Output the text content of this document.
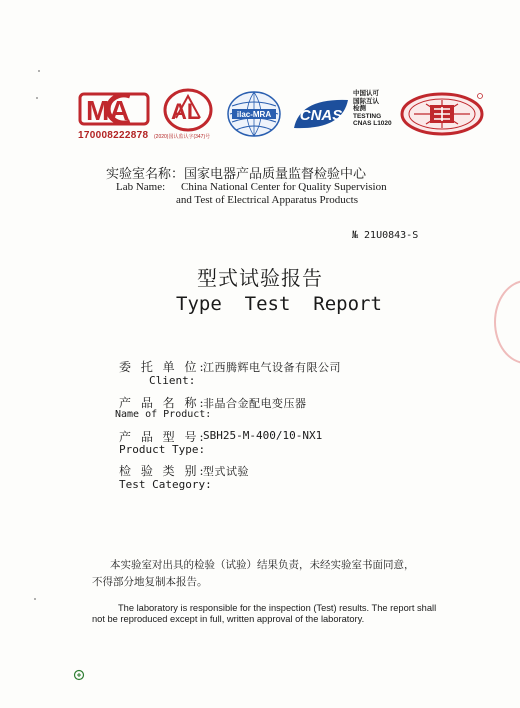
MA
170008222878
AL
(2020)国认监认字(347)号
ilac-MRA CNAS
中国认可
国际互认
检测
TESTING
CNAS L1020
实验室名称：国家电器产品质量监督检验中心
Lab Name: China National Center for Quality Supervision
and Test of Electrical Apparatus Products
№ 21U0843-S
型式试验报告
Type  Test  Report
委 托 单 位:
江西腾辉电气设备有限公司
Client:
产 品 名 称:
非晶合金配电变压器
Name of Product:
产 品 型 号:
SBH25-M-400/10-NX1
Product Type:
检 验 类 别:
型式试验
Test Category:
本实验室对出具的检验（试验）结果负责，未经实验室书面同意，
不得部分地复制本报告。
The laboratory is responsible for the inspection (Test) results. The report shall
not be reproduced except in full, written approval of the laboratory.
